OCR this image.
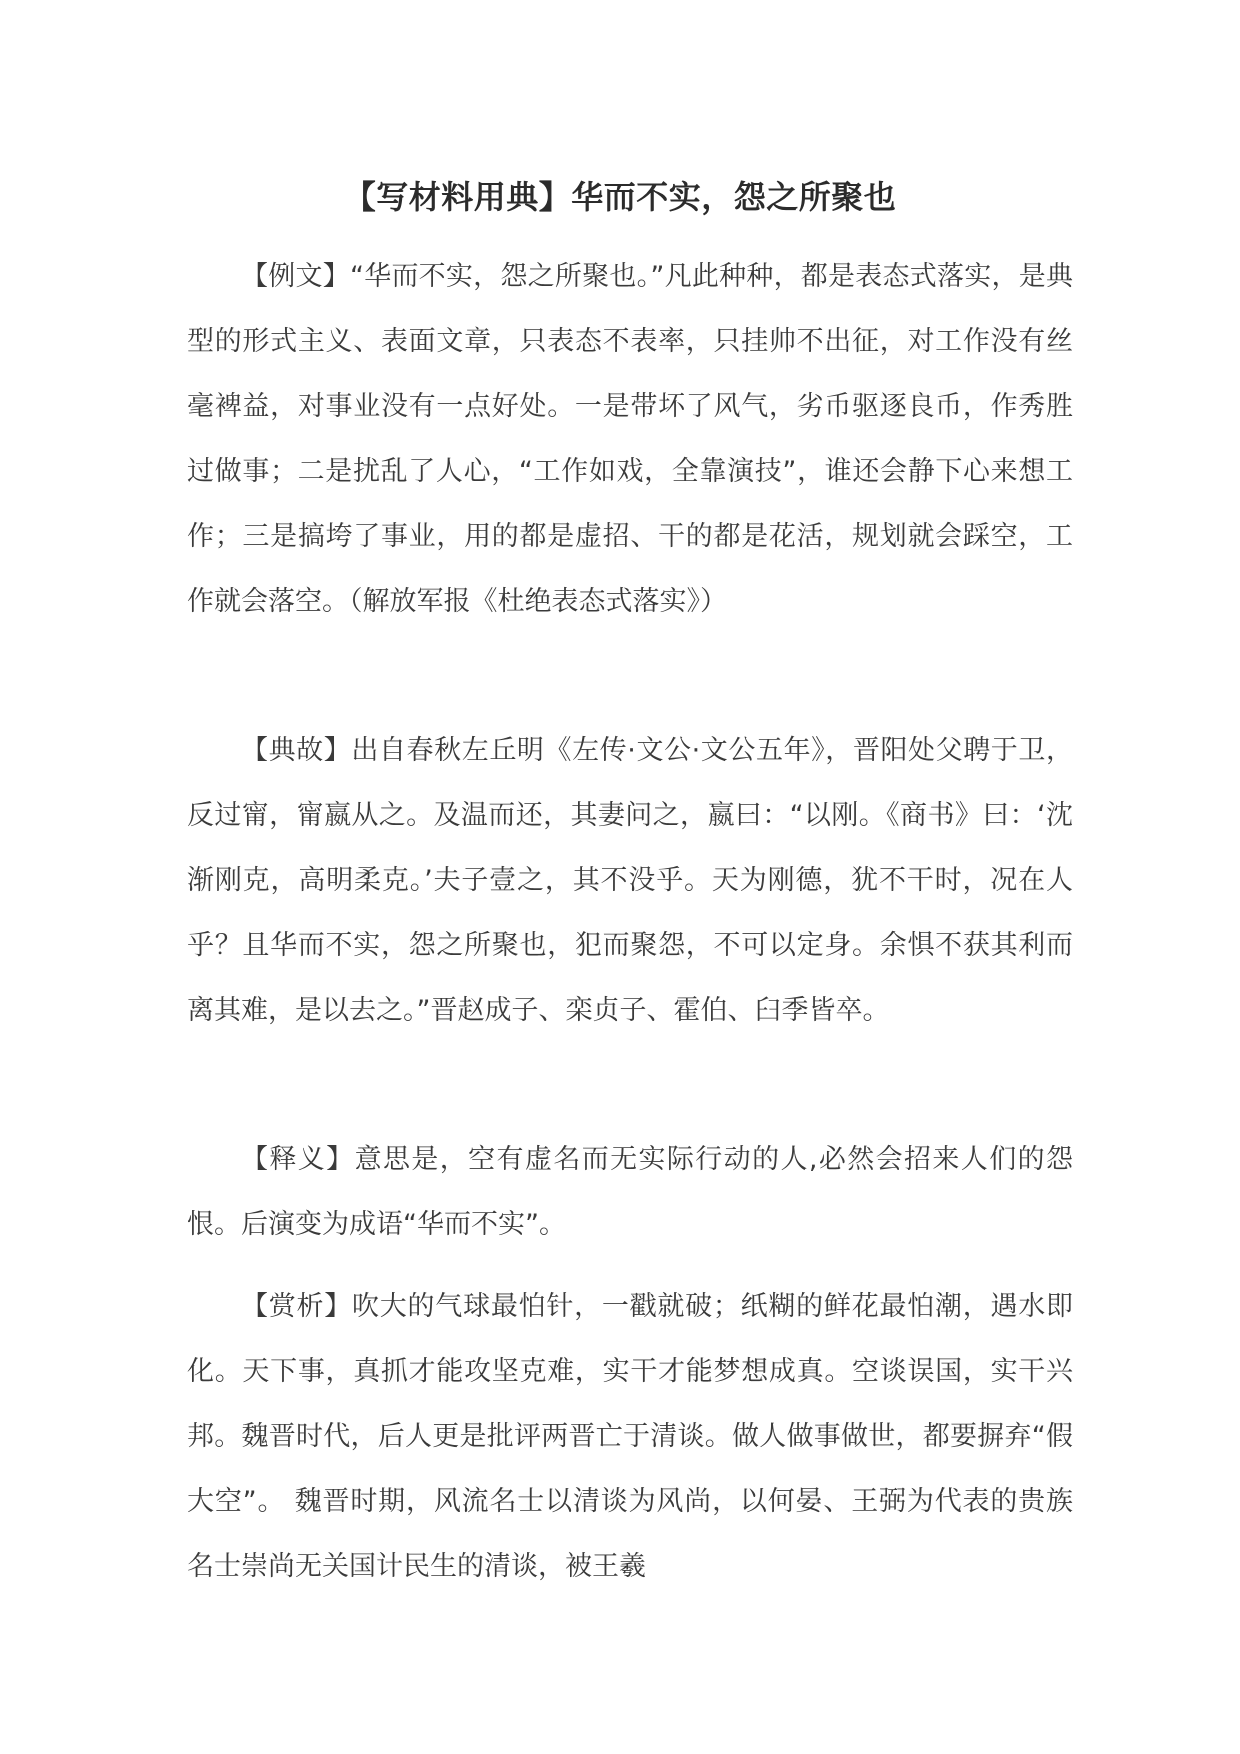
【写材料用典】华而不实，怨之所聚也

【例文】“华而不实，怨之所聚也。”凡此种种，都是表态式落实，是典型的形式主义、表面文章，只表态不表率，只挂帅不出征，对工作没有丝毫裨益，对事业没有一点好处。一是带坏了风气，劣币驱逐良币，作秀胜过做事；二是扰乱了人心，“工作如戏，全靠演技”，谁还会静下心来想工作；三是搞垮了事业，用的都是虚招、干的都是花活，规划就会踩空，工作就会落空。（解放军报《杜绝表态式落实》）

【典故】出自春秋左丘明《左传·文公·文公五年》，晋阳处父聘于卫，反过甯，甯嬴从之。及温而还，其妻问之，嬴曰：“以刚。《商书》曰：‘沈渐刚克，高明柔克。’夫子壹之，其不没乎。天为刚德，犹不干时，况在人乎？且华而不实，怨之所聚也，犯而聚怨，不可以定身。余惧不获其利而离其难，是以去之。”晋赵成子、栾贞子、霍伯、臼季皆卒。

【释义】意思是，空有虚名而无实际行动的人,必然会招来人们的怨恨。后演变为成语“华而不实”。

【赏析】吹大的气球最怕针，一戳就破；纸糊的鲜花最怕潮，遇水即化。天下事，真抓才能攻坚克难，实干才能梦想成真。空谈误国，实干兴邦。魏晋时代，后人更是批评两晋亡于清谈。做人做事做世，都要摒弃“假大空”。 魏晋时期，风流名士以清谈为风尚，以何晏、王弼为代表的贵族名士崇尚无关国计民生的清谈，被王羲
